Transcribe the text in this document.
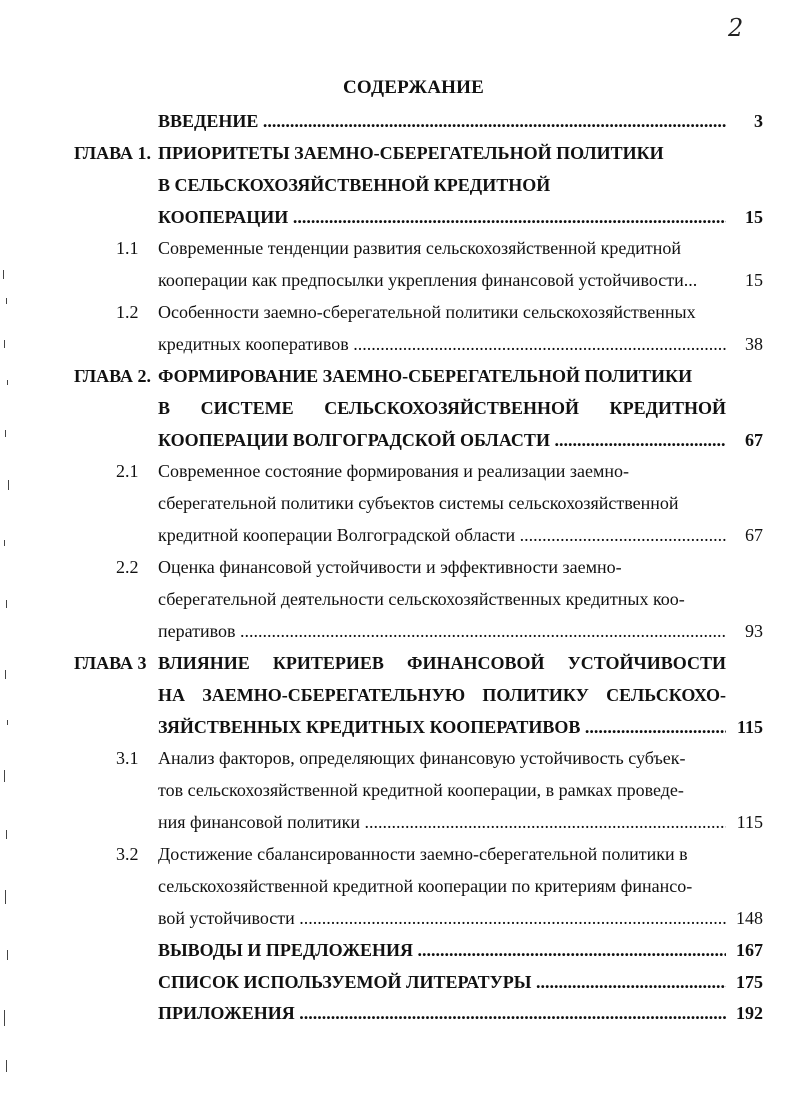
2
СОДЕРЖАНИЕ
ВВЕДЕНИЕ .....	3
ГЛАВА 1. ПРИОРИТЕТЫ ЗАЕМНО-СБЕРЕГАТЕЛЬНОЙ ПОЛИТИКИ
В СЕЛЬСКОХОЗЯЙСТВЕННОЙ КРЕДИТНОЙ
КООПЕРАЦИИ .....	15
1.1 Современные тенденции развития сельскохозяйственной кредитной
кооперации как предпосылки укрепления финансовой устойчивости...	15
1.2 Особенности заемно-сберегательной политики сельскохозяйственных
кредитных кооперативов .....	38
ГЛАВА 2. ФОРМИРОВАНИЕ ЗАЕМНО-СБЕРЕГАТЕЛЬНОЙ ПОЛИТИКИ
В СИСТЕМЕ СЕЛЬСКОХОЗЯЙСТВЕННОЙ КРЕДИТНОЙ
КООПЕРАЦИИ ВОЛГОГРАДСКОЙ ОБЛАСТИ .....	67
2.1 Современное состояние формирования и реализации заемно-
сберегательной политики субъектов системы сельскохозяйственной
кредитной кооперации Волгоградской области .....	67
2.2 Оценка финансовой устойчивости и эффективности заемно-
сберегательной деятельности сельскохозяйственных кредитных коо-
перативов .....	93
ГЛАВА 3 ВЛИЯНИЕ КРИТЕРИЕВ ФИНАНСОВОЙ УСТОЙЧИВОСТИ
НА ЗАЕМНО-СБЕРЕГАТЕЛЬНУЮ ПОЛИТИКУ СЕЛЬСКОХО-
ЗЯЙСТВЕННЫХ КРЕДИТНЫХ КООПЕРАТИВОВ .....	115
3.1 Анализ факторов, определяющих финансовую устойчивость субъек-
тов сельскохозяйственной кредитной кооперации, в рамках проведе-
ния финансовой политики .....	115
3.2 Достижение сбалансированности заемно-сберегательной политики в
сельскохозяйственной кредитной кооперации по критериям финансо-
вой устойчивости .....	148
ВЫВОДЫ И ПРЕДЛОЖЕНИЯ .....	167
СПИСОК ИСПОЛЬЗУЕМОЙ ЛИТЕРАТУРЫ .....	175
ПРИЛОЖЕНИЯ .....	192
